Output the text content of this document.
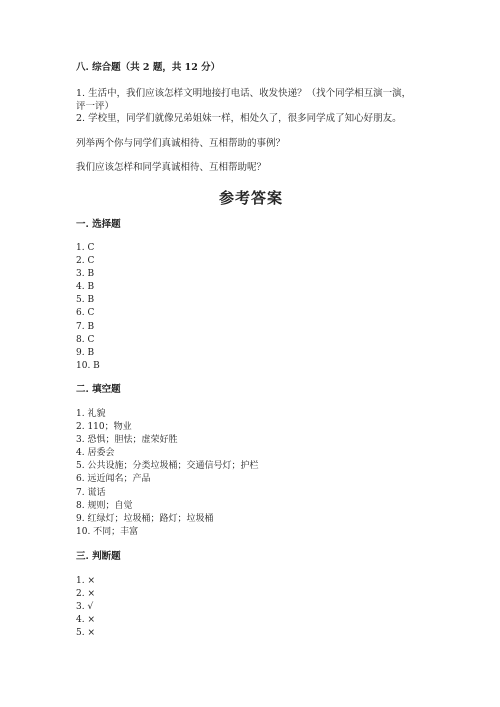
八. 综合题（共 2 题，共 12 分）
1. 生活中，我们应该怎样文明地接打电话、收发快递？（找个同学相互演一演，评一评）
2. 学校里，同学们就像兄弟姐妹一样，相处久了，很多同学成了知心好朋友。
列举两个你与同学们真诚相待、互相帮助的事例？
我们应该怎样和同学真诚相待、互相帮助呢？
参考答案
一. 选择题
1. C
2. C
3. B
4. B
5. B
6. C
7. B
8. C
9. B
10. B
二. 填空题
1. 礼貌
2. 110；物业
3. 恐惧；胆怯；虚荣好胜
4. 居委会
5. 公共设施；分类垃圾桶；交通信号灯；护栏
6. 远近闻名；产品
7. 谎话
8. 规则；自觉
9. 红绿灯；垃圾桶；路灯；垃圾桶
10. 不同；丰富
三. 判断题
1. ×
2. ×
3. √
4. ×
5. ×
